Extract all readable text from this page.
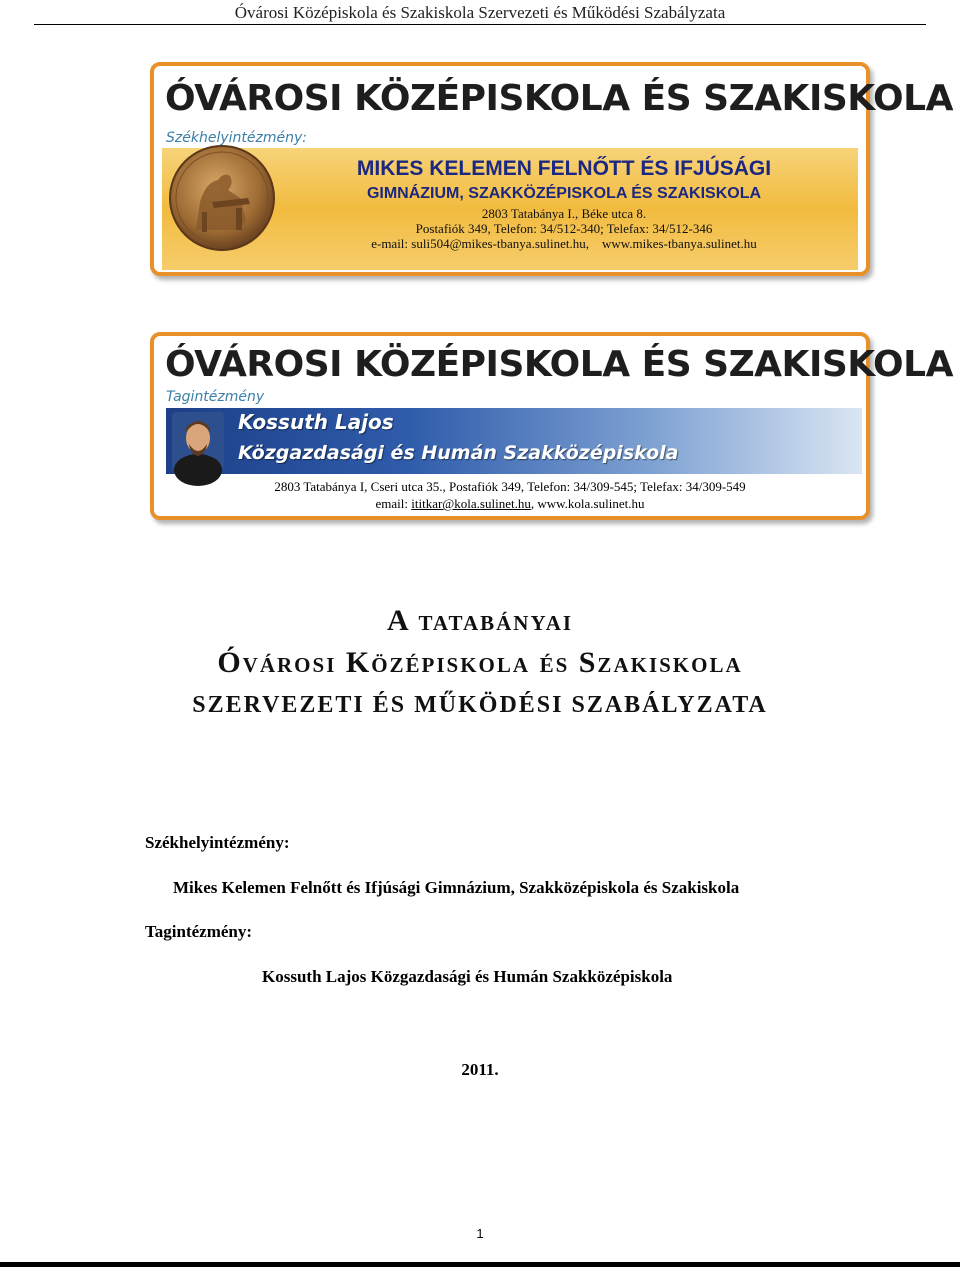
Óvárosi Középiskola és Szakiskola Szervezeti és Működési Szabályzata
ÓVÁROSI KÖZÉPISKOLA ÉS SZAKISKOLA
Székhelyintézmény:
MIKES KELEMEN FELNŐTT ÉS IFJÚSÁGI
GIMNÁZIUM, SZAKKÖZÉPISKOLA ÉS SZAKISKOLA
2803 Tatabánya I., Béke utca 8.
Postafiók 349, Telefon: 34/512-340; Telefax: 34/512-346
e-mail: suli504@mikes-tbanya.sulinet.hu,    www.mikes-tbanya.sulinet.hu
ÓVÁROSI KÖZÉPISKOLA ÉS SZAKISKOLA
Tagintézmény
Kossuth Lajos
Közgazdasági és Humán Szakközépiskola
2803 Tatabánya I, Cseri utca 35., Postafiók 349, Telefon: 34/309-545; Telefax: 34/309-549
email: ititkar@kola.sulinet.hu, www.kola.sulinet.hu
A tatabányai
Óvárosi Középiskola és Szakiskola
SZERVEZETI ÉS MŰKÖDÉSI SZABÁLYZATA
Székhelyintézmény:
Mikes Kelemen Felnőtt és Ifjúsági Gimnázium, Szakközépiskola és Szakiskola
Tagintézmény:
Kossuth Lajos Közgazdasági és Humán Szakközépiskola
2011.
1
